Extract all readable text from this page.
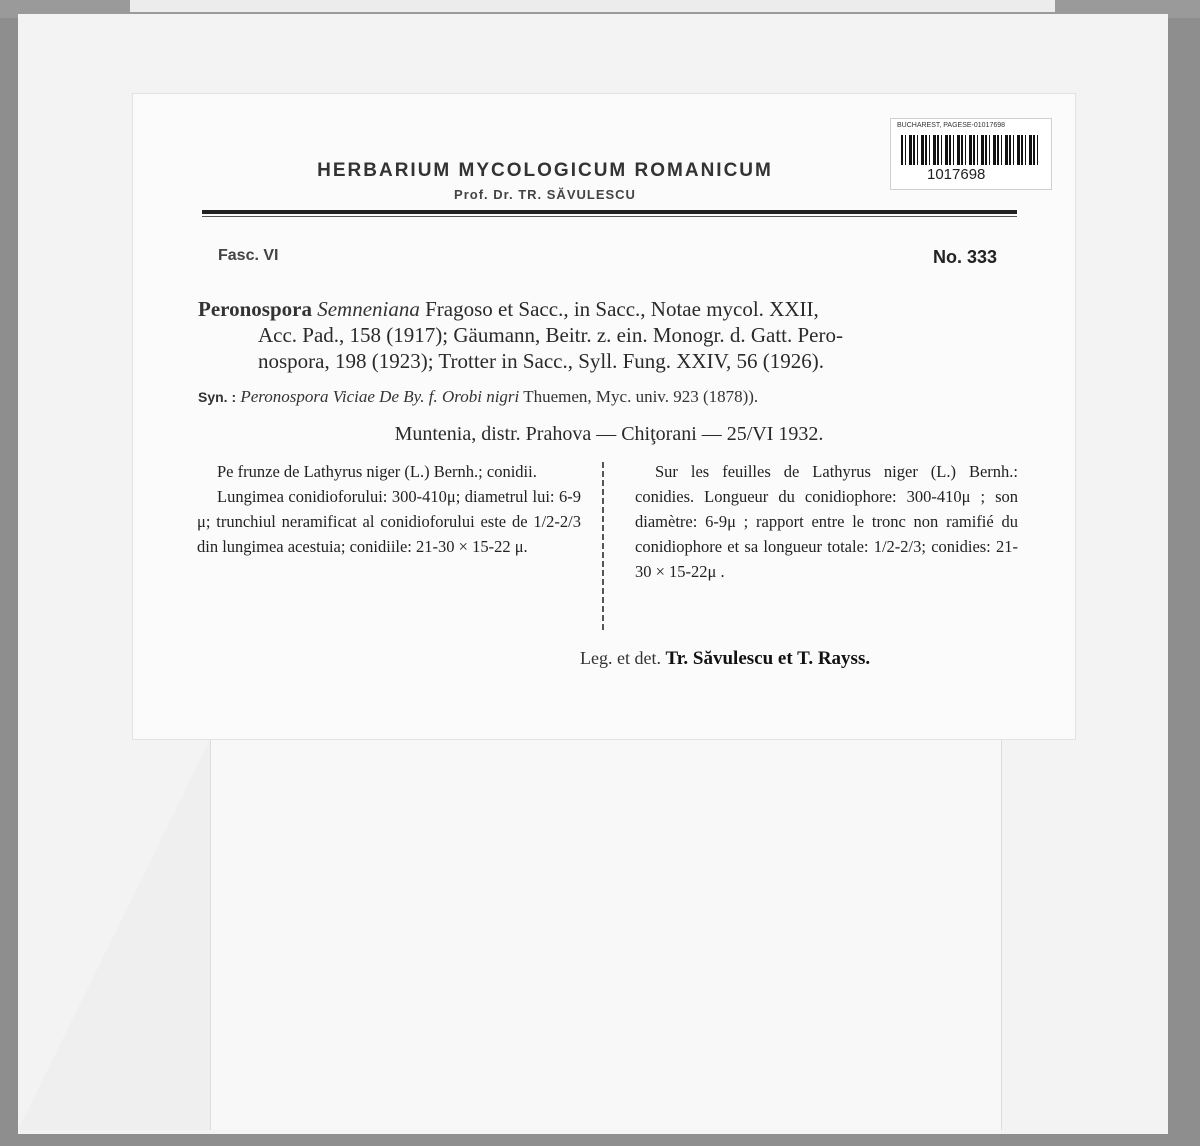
BUCHAREST, PAGESE-01017698
1017698
HERBARIUM MYCOLOGICUM ROMANICUM
Prof. Dr. TR. SĂVULESCU
Fasc. VI	No. 333
Peronospora Semneniana Fragoso et Sacc., in Sacc., Notae mycol. XXII,
Acc. Pad., 158 (1917); Gäumann, Beitr. z. ein. Monogr. d. Gatt. Pero-
nospora, 198 (1923); Trotter in Sacc., Syll. Fung. XXIV, 56 (1926).
Syn. : Peronospora Viciae De By. f. Orobi nigri Thuemen, Myc. univ. 923 (1878)).
Muntenia, distr. Prahova — Chiţorani — 25/VI 1932.

Pe frunze de Lathyrus niger (L.) Bernh.; conidii.

Lungimea conidioforului: 300-410μ; diametrul lui: 6-9 μ; trunchiul neramificat al conidioforului este de 1/2-2/3 din lungimea acestuia; conidiile: 21-30 × 15-22 μ.

Sur les feuilles de Lathyrus niger (L.) Bernh.: conidies. Longueur du conidiophore: 300-410μ ; son diamètre: 6-9μ ; rapport entre le tronc non ramifié du conidiophore et sa longueur totale: 1/2-2/3; conidies: 21-30 × 15-22μ .

Leg. et det. Tr. Săvulescu et T. Rayss.
